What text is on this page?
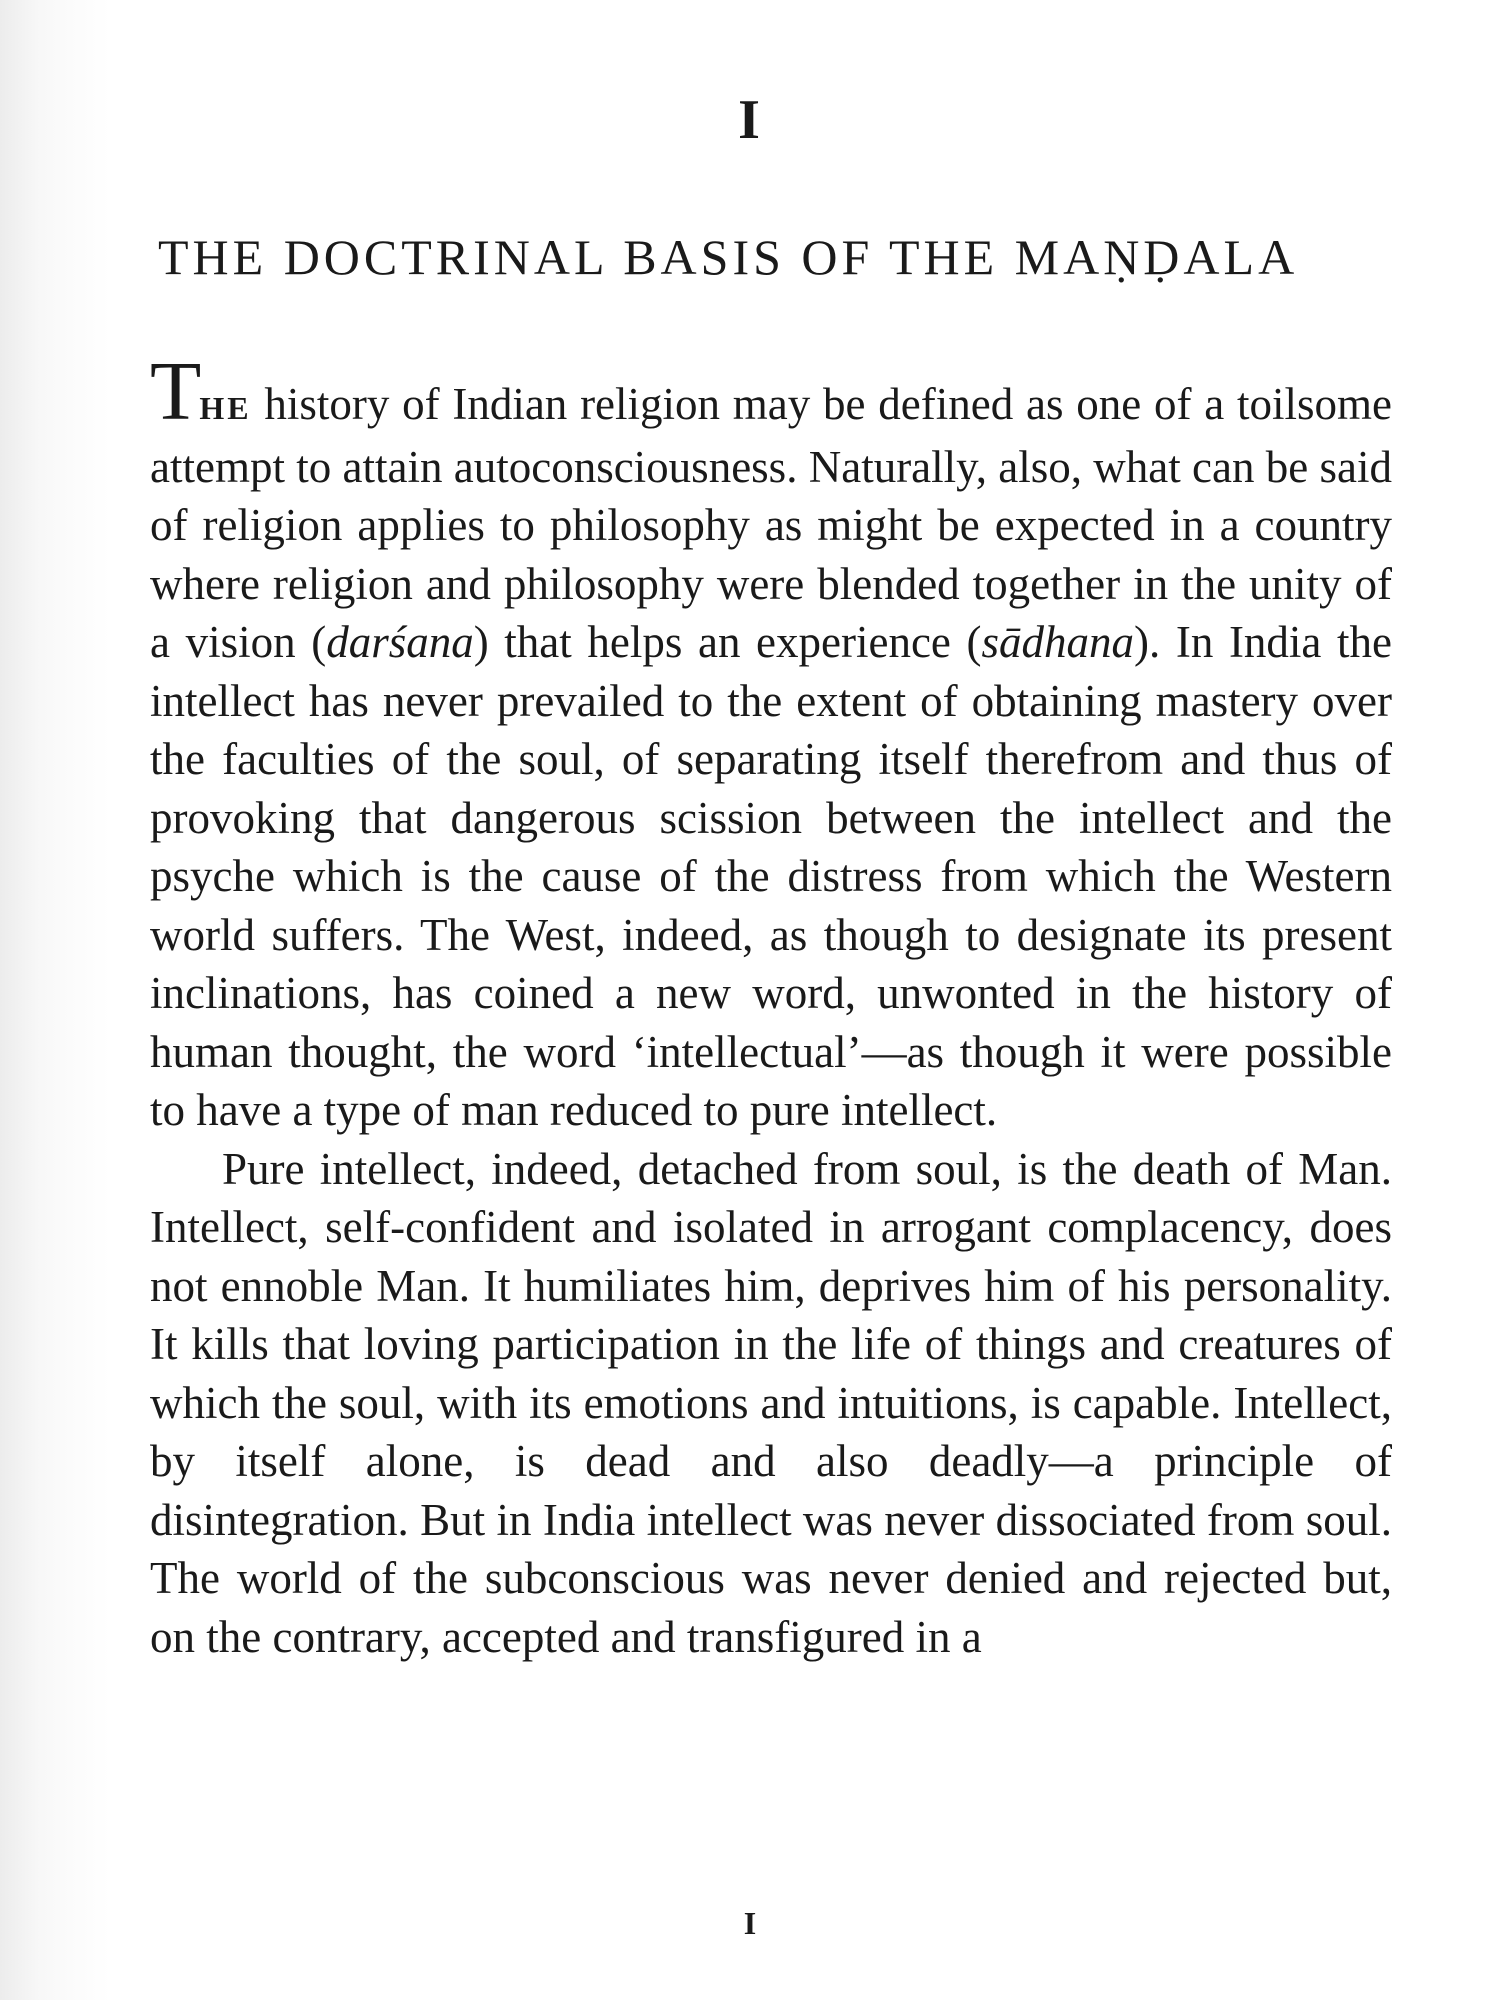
I
THE DOCTRINAL BASIS OF THE MAṆḌALA

THE history of Indian religion may be defined as one of a toilsome attempt to attain autoconsciousness. Naturally, also, what can be said of religion applies to philosophy as might be expected in a country where religion and philosophy were blended together in the unity of a vision (darśana) that helps an experience (sādhana). In India the intellect has never prevailed to the extent of obtaining mastery over the faculties of the soul, of separating itself therefrom and thus of provoking that dangerous scission between the intellect and the psyche which is the cause of the distress from which the Western world suffers. The West, indeed, as though to designate its present inclinations, has coined a new word, unwonted in the history of human thought, the word ‘intellectual’—as though it were possible to have a type of man reduced to pure intellect.

Pure intellect, indeed, detached from soul, is the death of Man. Intellect, self-confident and isolated in arrogant complacency, does not ennoble Man. It humiliates him, deprives him of his personality. It kills that loving participation in the life of things and creatures of which the soul, with its emotions and intuitions, is capable. Intellect, by itself alone, is dead and also deadly—a principle of disintegration. But in India intellect was never dissociated from soul. The world of the subconscious was never denied and rejected but, on the contrary, accepted and transfigured in a

I
